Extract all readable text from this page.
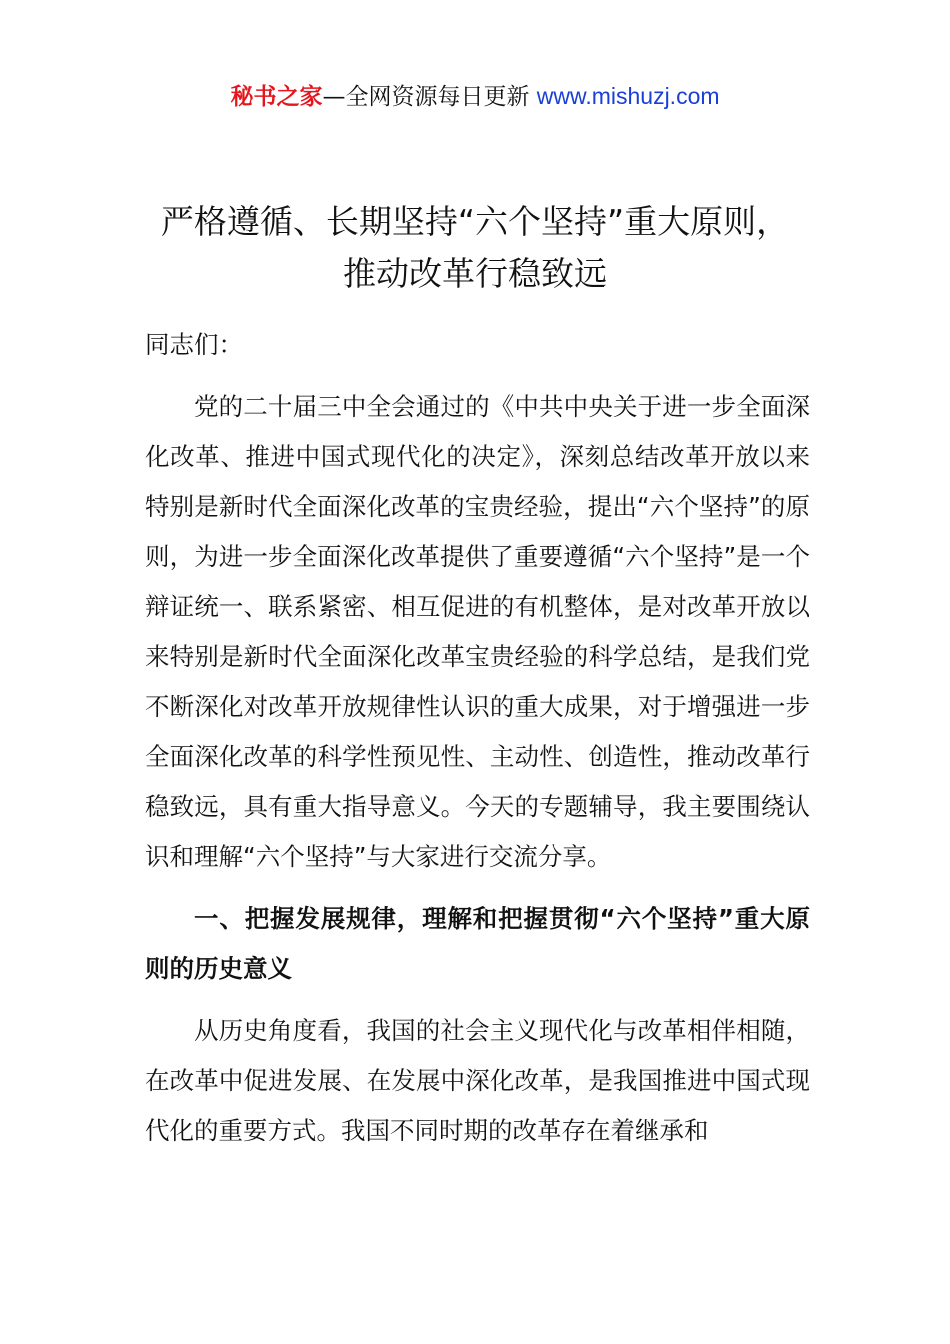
秘书之家—全网资源每日更新 www.mishuzj.com
严格遵循、长期坚持“六个坚持”重大原则，推动改革行稳致远

同志们：

党的二十届三中全会通过的《中共中央关于进一步全面深化改革、推进中国式现代化的决定》，深刻总结改革开放以来特别是新时代全面深化改革的宝贵经验，提出“六个坚持”的原则，为进一步全面深化改革提供了重要遵循“六个坚持”是一个辩证统一、联系紧密、相互促进的有机整体，是对改革开放以来特别是新时代全面深化改革宝贵经验的科学总结，是我们党不断深化对改革开放规律性认识的重大成果，对于增强进一步全面深化改革的科学性预见性、主动性、创造性，推动改革行稳致远，具有重大指导意义。今天的专题辅导，我主要围绕认识和理解“六个坚持”与大家进行交流分享。

一、把握发展规律，理解和把握贯彻“六个坚持”重大原则的历史意义

从历史角度看，我国的社会主义现代化与改革相伴相随，在改革中促进发展、在发展中深化改革，是我国推进中国式现代化的重要方式。我国不同时期的改革存在着继承和
